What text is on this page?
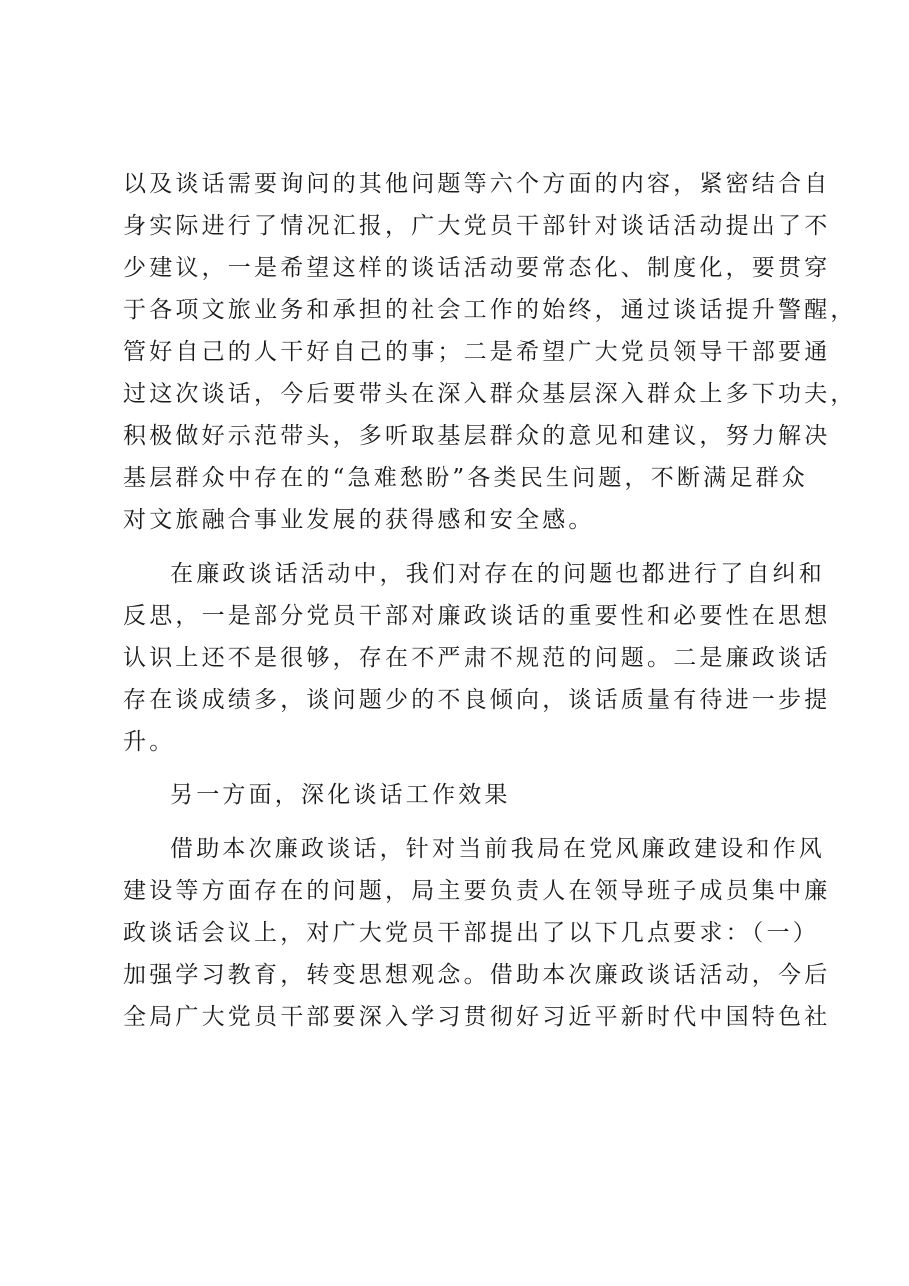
以及谈话需要询问的其他问题等六个方面的内容，紧密结合自
身实际进行了情况汇报，广大党员干部针对谈话活动提出了不
少建议，一是希望这样的谈话活动要常态化、制度化，要贯穿
于各项文旅业务和承担的社会工作的始终，通过谈话提升警醒，
管好自己的人干好自己的事；二是希望广大党员领导干部要通
过这次谈话，今后要带头在深入群众基层深入群众上多下功夫，
积极做好示范带头，多听取基层群众的意见和建议，努力解决
基层群众中存在的“急难愁盼”各类民生问题，不断满足群众
对文旅融合事业发展的获得感和安全感。
在廉政谈话活动中，我们对存在的问题也都进行了自纠和
反思，一是部分党员干部对廉政谈话的重要性和必要性在思想
认识上还不是很够，存在不严肃不规范的问题。二是廉政谈话
存在谈成绩多，谈问题少的不良倾向，谈话质量有待进一步提
升。
另一方面，深化谈话工作效果
借助本次廉政谈话，针对当前我局在党风廉政建设和作风
建设等方面存在的问题，局主要负责人在领导班子成员集中廉
政谈话会议上，对广大党员干部提出了以下几点要求：（一）
加强学习教育，转变思想观念。借助本次廉政谈话活动，今后
全局广大党员干部要深入学习贯彻好习近平新时代中国特色社
